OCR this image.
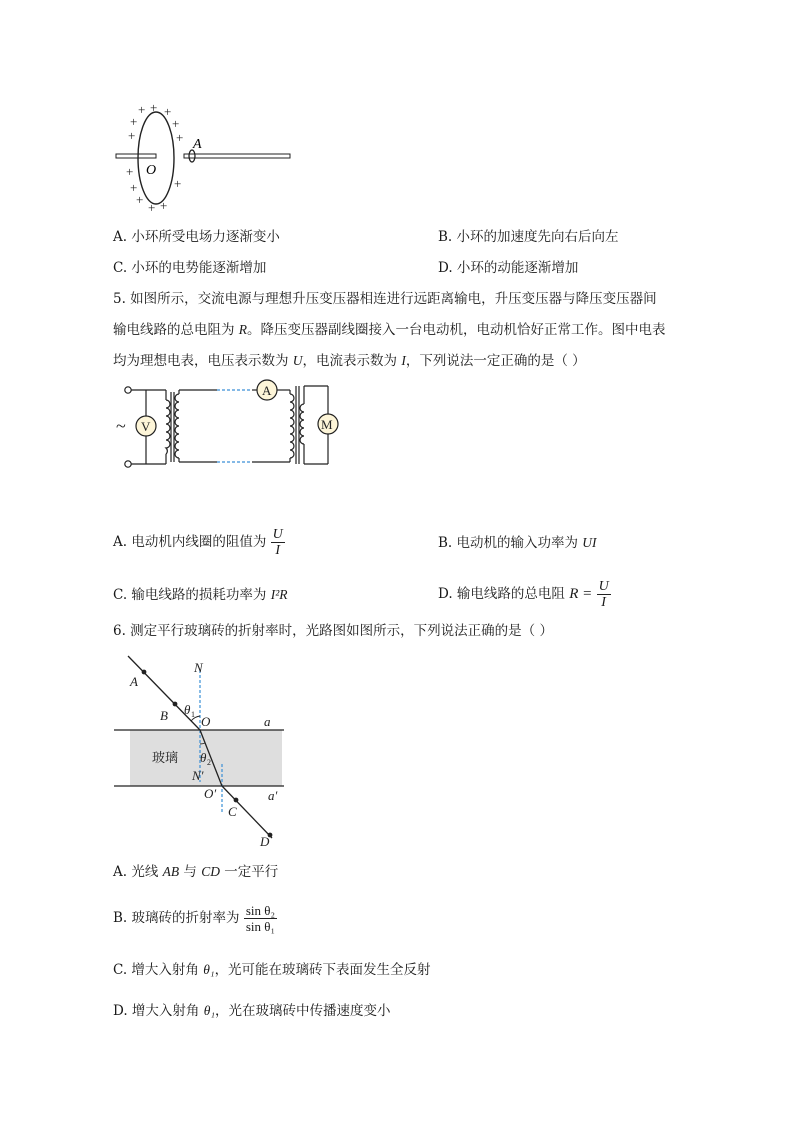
+ + +
+	+
+	+
+
+
+
+
+ +
O
A
A. 小环所受电场力逐渐变小	B. 小环的加速度先向右后向左
C. 小环的电势能逐渐增加	D. 小环的动能逐渐增加
5. 如图所示，交流电源与理想升压变压器相连进行远距离输电，升压变压器与降压变压器间
输电线路的总电阻为 R。降压变压器副线圈接入一台电动机，电动机恰好正常工作。图中电表
均为理想电表，电压表示数为 U，电流表示数为 I，下列说法一定正确的是（ ）
~ V
A
M
A. 电动机内线圈的阻值为 $\frac{U}{I}$	B. 电动机的输入功率为 UI
C. 输电线路的损耗功率为 I²R	D. 输电线路的总电阻 $R = \frac{U}{I}$
6. 测定平行玻璃砖的折射率时，光路图如图所示，下列说法正确的是（ ）
N
A
B θ 1 O	a
θ 2
N′
O′	a′
C
D
玻璃
A. 光线 AB 与 CD 一定平行
B. 玻璃砖的折射率为 $\frac{\text{sin θ₂}}{\text{sin θ₁}}$
C. 增大入射角 θ₁，光可能在玻璃砖下表面发生全反射
D. 增大入射角 θ₁，光在玻璃砖中传播速度变小
